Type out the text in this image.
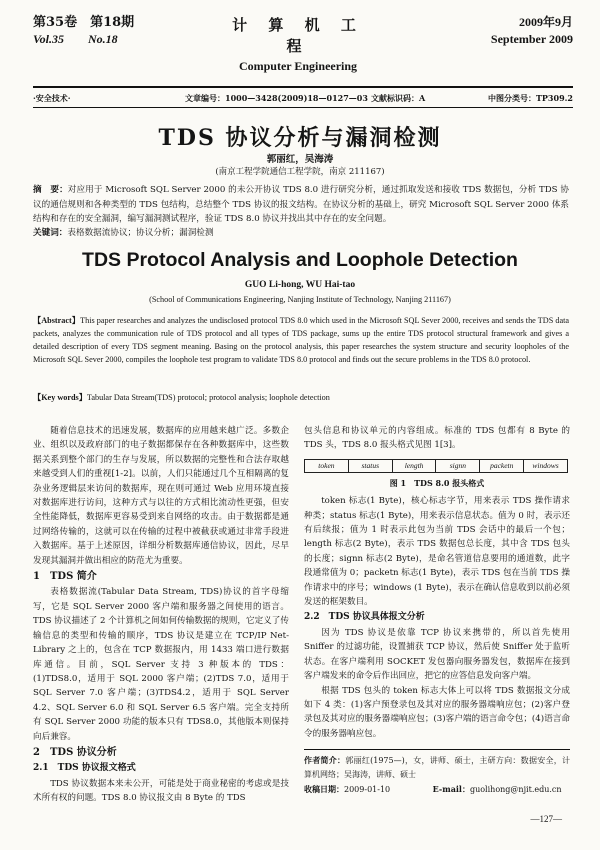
第35卷　第18期
Vol.35　　No.18
计 算 机 工 程
Computer Engineering
2009年9月
September 2009
·安全技术·	文章编号：1000—3428(2009)18—0127—03 文献标识码：A	中图分类号：TP309.2
TDS 协议分析与漏洞检测
郭丽红，吴海涛
(南京工程学院通信工程学院，南京 211167)
摘　要：对应用于 Microsoft SQL Server 2000 的未公开协议 TDS 8.0 进行研究分析，通过抓取发送和接收 TDS 数据包，分析 TDS 协议的通信规则和各种类型的 TDS 包结构，总结整个 TDS 协议的报文结构。在协议分析的基础上，研究 Microsoft SQL Server 2000 体系结构和存在的安全漏洞，编写漏洞测试程序，验证 TDS 8.0 协议并找出其中存在的安全问题。
关键词：表格数据流协议；协议分析；漏洞检测
TDS Protocol Analysis and Loophole Detection
GUO Li-hong, WU Hai-tao
(School of Communications Engineering, Nanjing Institute of Technology, Nanjing 211167)
【Abstract】This paper researches and analyzes the undisclosed protocol TDS 8.0 which used in the Microsoft SQL Sever 2000, receives and sends the TDS data packets, analyzes the communication rule of TDS protocol and all types of TDS package, sums up the entire TDS protocol structural framework and gives a detailed description of every TDS segment meaning. Basing on the protocol analysis, this paper researches the system structure and security loopholes of the Microsoft SQL Sever 2000, compiles the loophole test program to validate TDS 8.0 protocol and finds out the secure problems in the TDS 8.0 protocol.
【Key words】Tabular Data Stream(TDS) protocol; protocol analysis; loophole detection

随着信息技术的迅速发展，数据库的应用越来越广泛。多数企业、组织以及政府部门的电子数据都保存在各种数据库中，这些数据关系到整个部门的生存与发展，所以数据的完整性和合法存取越来越受到人们的重视[1-2]。以前，人们只能通过几个互相隔离的复杂业务逻辑层来访问的数据库，现在则可通过 Web 应用环境直接对数据库进行访问，这种方式与以往的方式相比流动性更强，但安全性能降低，数据库更容易受到来自网络的攻击。由于数据都是通过网络传输的，这就可以在传输的过程中被截获或通过非常手段进入数据库。基于上述原因，详细分析数据库通信协议，因此，尽早发现其漏洞并做出相应的防范尤为重要。

1　TDS 简介

表格数据流(Tabular Data Stream, TDS)协议的首字母缩写，它是 SQL Server 2000 客户端和服务器之间使用的语言。TDS 协议描述了 2 个计算机之间如何传输数据的规则，它定义了传输信息的类型和传输的顺序，TDS 协议是建立在 TCP/IP Net-Library 之上的，包含在 TCP 数据报内，用 1433 端口进行数据库通信。目前，SQL Server 支持 3 种版本的 TDS：(1)TDS8.0，适用于 SQL 2000 客户端；(2)TDS 7.0，适用于 SQL Server 7.0 客户端；(3)TDS4.2，适用于 SQL Server 4.2、SQL Server 6.0 和 SQL Server 6.5 客户端。完全支持所有 SQL Server 2000 功能的版本只有 TDS8.0，其他版本则保持向后兼容。

2　TDS 协议分析
2.1　TDS 协议报文格式

TDS 协议数据本来未公开，可能是处于商业秘密的考虑或是技术所有权的问题。TDS 8.0 协议报文由 8 Byte 的 TDS

包头信息和协议单元的内容组成。标准的 TDS 包都有 8 Byte 的 TDS 头，TDS 8.0 报头格式见图 1[3]。

token	status	length	signn	packetn	windows
图 1　TDS 8.0 报头格式

token 标志(1 Byte)，核心标志字节，用来表示 TDS 操作请求种类；status 标志(1 Byte)，用来表示信息状态。值为 0 时，表示还有后续报；值为 1 时表示此包为当前 TDS 会话中的最后一个包；length 标志(2 Byte)，表示 TDS 数据包总长度，其中含 TDS 包头的长度；signn 标志(2 Byte)，是命名管道信息要用的通道数，此字段通常值为 0；packetn 标志(1 Byte)，表示 TDS 包在当前 TDS 操作请求中的序号；windows (1 Byte)，表示在确认信息收到以前必须发送的框架数目。

2.2　TDS 协议具体报文分析

因为 TDS 协议是依靠 TCP 协议来携带的，所以首先使用 Sniffer 的过滤功能，设置捕获 TCP 协议，然后使 Sniffer 处于监听状态。在客户端利用 SOCKET 发包器向服务器发包，数据库在接到客户端发来的命令后作出回应，把它的应答信息发向客户端。

根据 TDS 包头的 token 标志大体上可以将 TDS 数据报文分成如下 4 类：(1)客户预登录包及其对应的服务器端响应包；(2)客户登录包及其对应的服务器端响应包；(3)客户端的语言命令包；(4)语言命令的服务器响应包。

作者简介：郭丽红(1975—)，女，讲师、硕士，主研方向：数据安全，计算机网络；吴海涛，讲师、硕士
收稿日期：2009-01-10	E-mail：guolihong@njit.edu.cn
—127—
